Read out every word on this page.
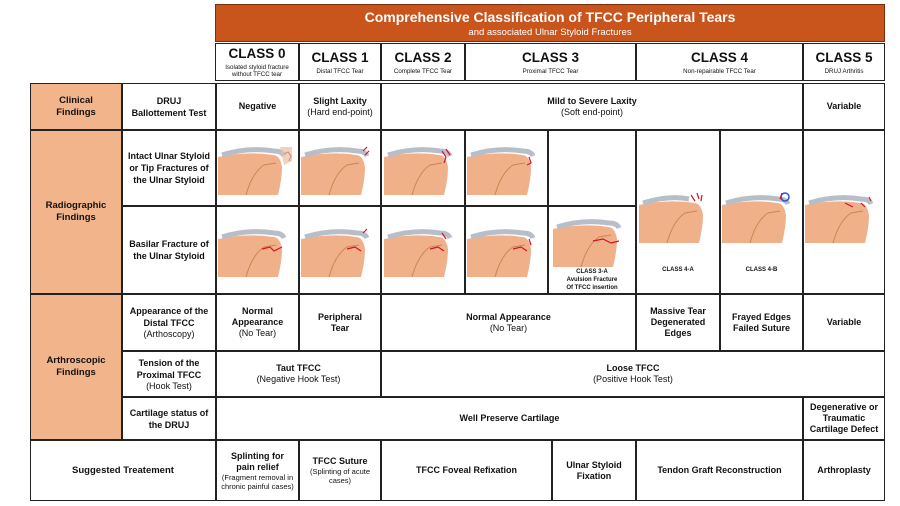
Comprehensive Classification of TFCC Peripheral Tears
and associated Ulnar Styloid Fractures
CLASS 0
Isolated styloid fracture without TFCC tear
CLASS 1
Distal TFCC Tear
CLASS 2
Complete TFCC Tear
CLASS 3
Proximal TFCC Tear
CLASS 4
Non-repairable TFCC Tear
CLASS 5
DRUJ Arthritis
Clinical Findings
Radiographic Findings
Arthroscopic Findings
Suggested Treatement
DRUJ Ballottement Test
Intact Ulnar Styloid or Tip Fractures of the Ulnar Styloid
Basilar Fracture of the Ulnar Styloid
Appearance of the Distal TFCC
(Arthoscopy)
Tension of the Proximal TFCC
(Hook Test)
Cartilage status of the DRUJ
Negative
Slight Laxity
(Hard end-point)
Mild to Severe Laxity
(Soft end-point)
Variable
CLASS 4-A	CLASS 4-B
CLASS 3-A
Avulsion Fracture
Of TFCC insertion
Normal Appearance
(No Tear)
Peripheral Tear
Normal Appearance
(No Tear)
Massive Tear Degenerated Edges
Frayed Edges Failed Suture
Variable
Taut TFCC
(Negative Hook Test)
Loose TFCC
(Positive Hook Test)
Well Preserve Cartilage
Degenerative or Traumatic Cartilage Defect
Splinting for pain relief
(Fragment removal in chronic painful cases)
TFCC Suture
(Splinting of acute cases)
TFCC Foveal Refixation
Ulnar Styloid Fixation
Tendon Graft Reconstruction	Arthroplasty
